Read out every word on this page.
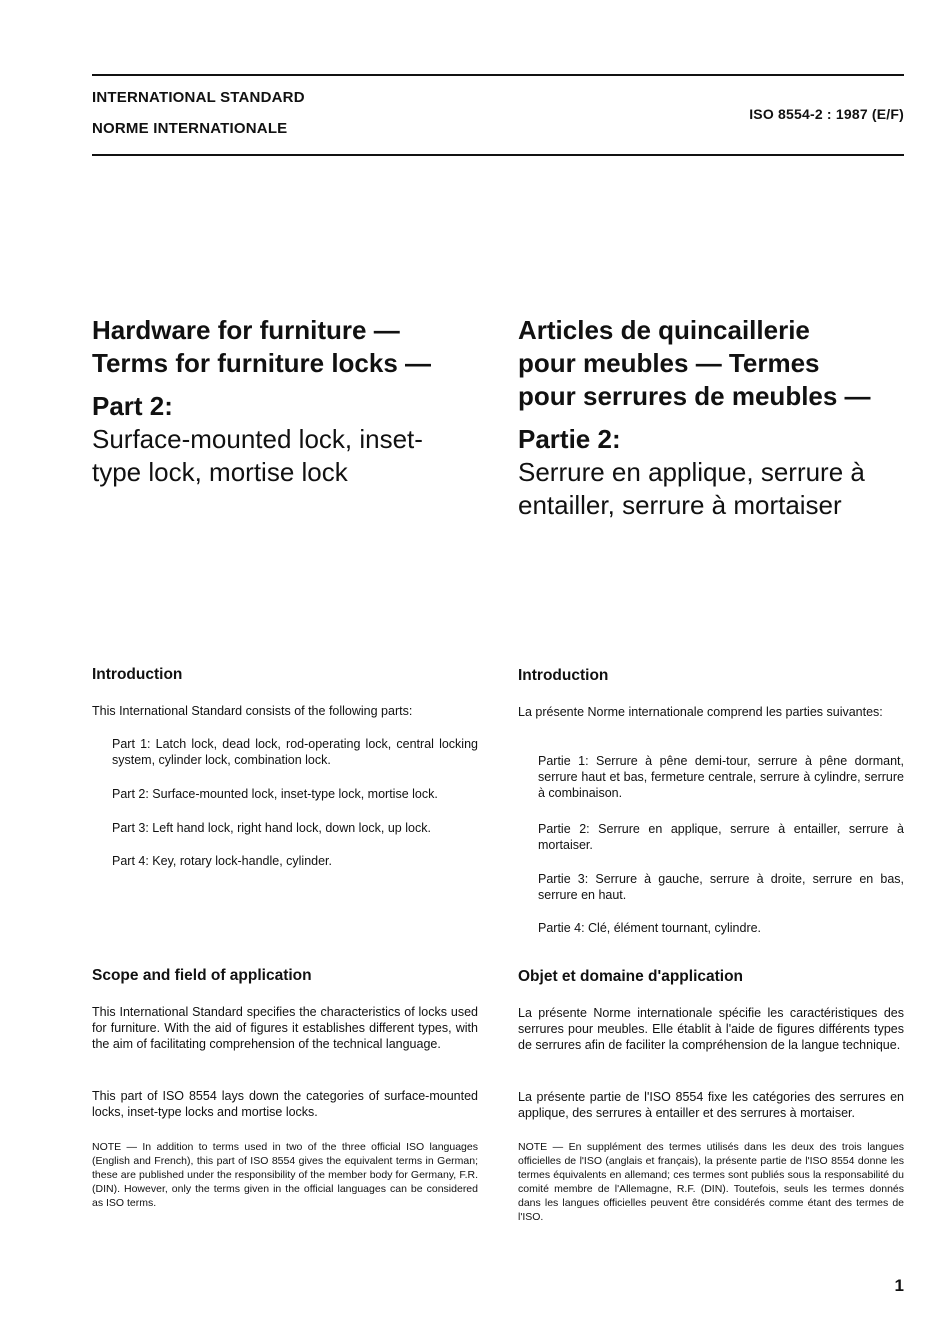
INTERNATIONAL STANDARD
NORME INTERNATIONALE
ISO 8554-2 : 1987 (E/F)

Hardware for furniture —

Terms for furniture locks —

Part 2:

Surface-mounted lock, inset-

type lock, mortise lock

Articles de quincaillerie

pour meubles — Termes

pour serrures de meubles —

Partie 2:

Serrure en applique, serrure à

entailler, serrure à mortaiser

Introduction

This International Standard consists of the following parts:

Part 1: Latch lock, dead lock, rod-operating lock, central locking system, cylinder lock, combination lock.

Part 2: Surface-mounted lock, inset-type lock, mortise lock.

Part 3: Left hand lock, right hand lock, down lock, up lock.

Part 4: Key, rotary lock-handle, cylinder.

Introduction

La présente Norme internationale comprend les parties suivantes:

Partie 1: Serrure à pêne demi-tour, serrure à pêne dormant, serrure haut et bas, fermeture centrale, serrure à cylindre, serrure à combinaison.

Partie 2: Serrure en applique, serrure à entailler, serrure à mortaiser.

Partie 3: Serrure à gauche, serrure à droite, serrure en bas, serrure en haut.

Partie 4: Clé, élément tournant, cylindre.

Scope and field of application

This International Standard specifies the characteristics of locks used for furniture. With the aid of figures it establishes different types, with the aim of facilitating comprehension of the technical language.

This part of ISO 8554 lays down the categories of surface-mounted locks, inset-type locks and mortise locks.

NOTE — In addition to terms used in two of the three official ISO languages (English and French), this part of ISO 8554 gives the equivalent terms in German; these are published under the responsibility of the member body for Germany, F.R. (DIN). However, only the terms given in the official languages can be considered as ISO terms.

Objet et domaine d'application

La présente Norme internationale spécifie les caractéristiques des serrures pour meubles. Elle établit à l'aide de figures différents types de serrures afin de faciliter la compréhension de la langue technique.

La présente partie de l'ISO 8554 fixe les catégories des serrures en applique, des serrures à entailler et des serrures à mortaiser.

NOTE — En supplément des termes utilisés dans les deux des trois langues officielles de l'ISO (anglais et français), la présente partie de l'ISO 8554 donne les termes équivalents en allemand; ces termes sont publiés sous la responsabilité du comité membre de l'Allemagne, R.F. (DIN). Toutefois, seuls les termes donnés dans les langues officielles peuvent être considérés comme étant des termes de l'ISO.

1
